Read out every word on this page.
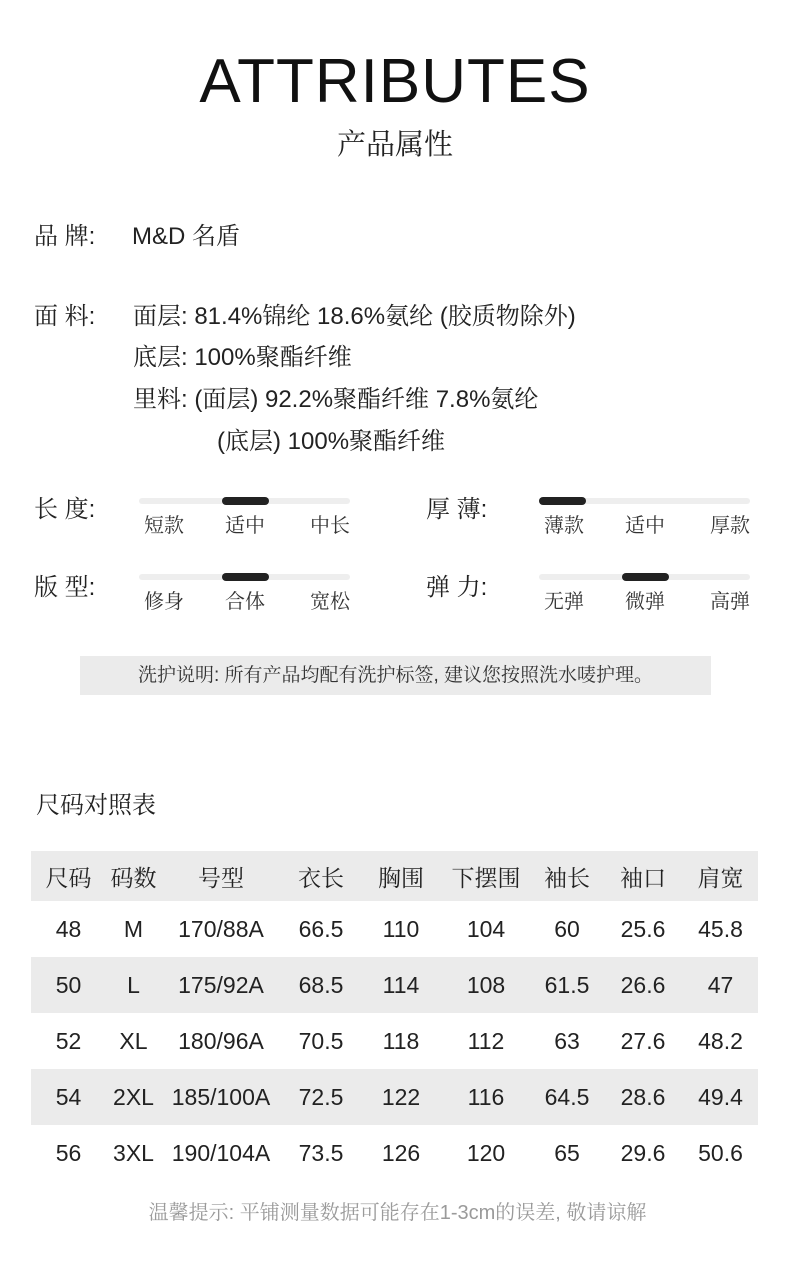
ATTRIBUTES
产品属性
品 牌: M&D 名盾
面 料: 面层: 81.4%锦纶 18.6%氨纶 (胶质物除外)
底层: 100%聚酯纤维
里料: (面层) 92.2%聚酯纤维 7.8%氨纶
(底层) 100%聚酯纤维
长 度:
短款	适中	中长
厚 薄:
薄款	适中	厚款
版 型:
修身	合体	宽松
弹 力:
无弹	微弹	高弹
洗护说明: 所有产品均配有洗护标签, 建议您按照洗水唛护理。
尺码对照表
尺码	码数	号型	衣长	胸围	下摆围	袖长	袖口	肩宽
48	M	170/88A	66.5	110	104	60	25.6	45.8
50	L	175/92A	68.5	114	108	61.5	26.6	47
52	XL	180/96A	70.5	118	112	63	27.6	48.2
54	2XL	185/100A	72.5	122	116	64.5	28.6	49.4
56	3XL	190/104A	73.5	126	120	65	29.6	50.6
温馨提示: 平铺测量数据可能存在1-3cm的误差, 敬请谅解
